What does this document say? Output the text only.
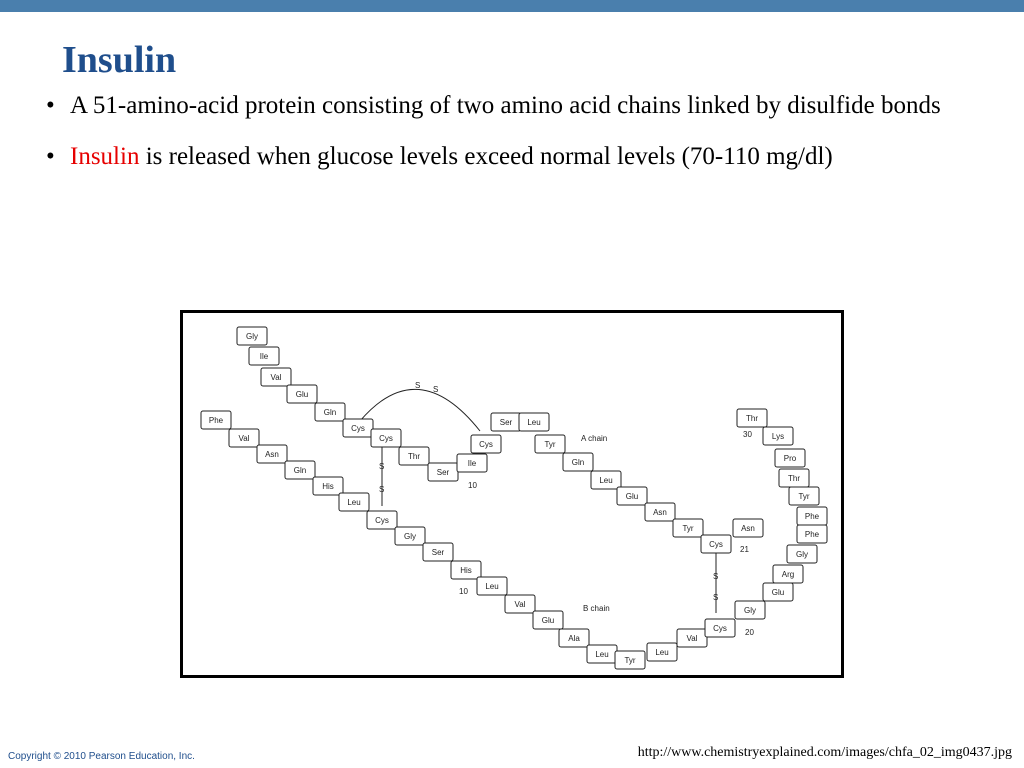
Insulin
• A 51-amino-acid protein consisting of two amino acid chains linked by disulfide bonds
• Insulin is released when glucose levels exceed normal levels (70-110 mg/dl)
Gly
Ile
Val
Glu
Gln
Cys
Cys
Thr
Ser
Ile
Cys
Ser Leu
Tyr
Gln
Leu
Glu
Asn
Tyr
Cys
Asn
Phe
Val
Asn
Gln
His
Leu
Cys
Gly
Ser
His
Leu
Val
Glu
Ala
Leu
Tyr
Leu
Val
Cys
Gly
Glu
Arg
Gly
Phe
Phe
Tyr
Thr
Pro
Lys
Thr
S S
S
S
S
S
A chain
B chain
10
21
10
20
30
Copyright © 2010 Pearson Education, Inc.	http://www.chemistryexplained.com/images/chfa_02_img0437.jpg
